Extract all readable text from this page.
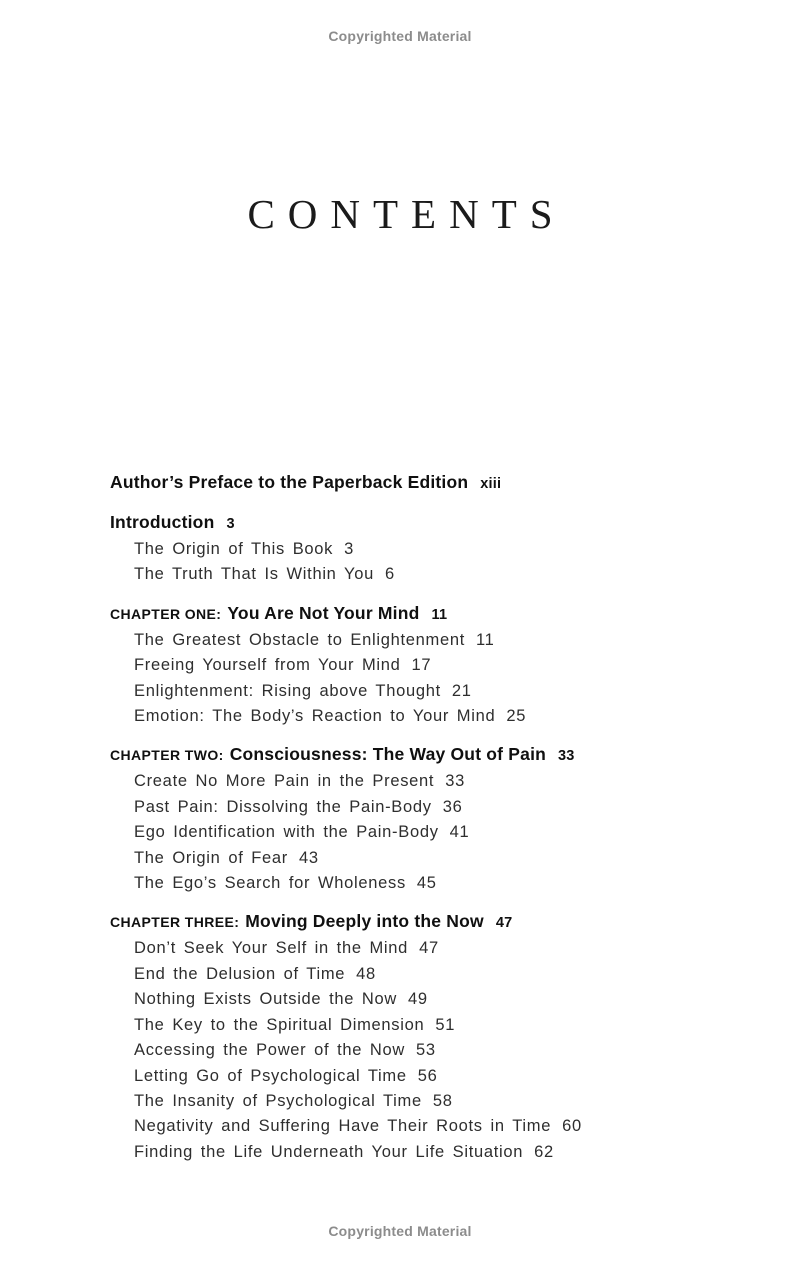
Copyrighted Material
CONTENTS
Author’s Preface to the Paperback Edition xiii
Introduction 3
The Origin of This Book 3
The Truth That Is Within You 6
CHAPTER ONE: You Are Not Your Mind 11
The Greatest Obstacle to Enlightenment 11
Freeing Yourself from Your Mind 17
Enlightenment: Rising above Thought 21
Emotion: The Body’s Reaction to Your Mind 25
CHAPTER TWO: Consciousness: The Way Out of Pain 33
Create No More Pain in the Present 33
Past Pain: Dissolving the Pain-Body 36
Ego Identification with the Pain-Body 41
The Origin of Fear 43
The Ego’s Search for Wholeness 45
CHAPTER THREE: Moving Deeply into the Now 47
Don’t Seek Your Self in the Mind 47
End the Delusion of Time 48
Nothing Exists Outside the Now 49
The Key to the Spiritual Dimension 51
Accessing the Power of the Now 53
Letting Go of Psychological Time 56
The Insanity of Psychological Time 58
Negativity and Suffering Have Their Roots in Time 60
Finding the Life Underneath Your Life Situation 62
Copyrighted Material
